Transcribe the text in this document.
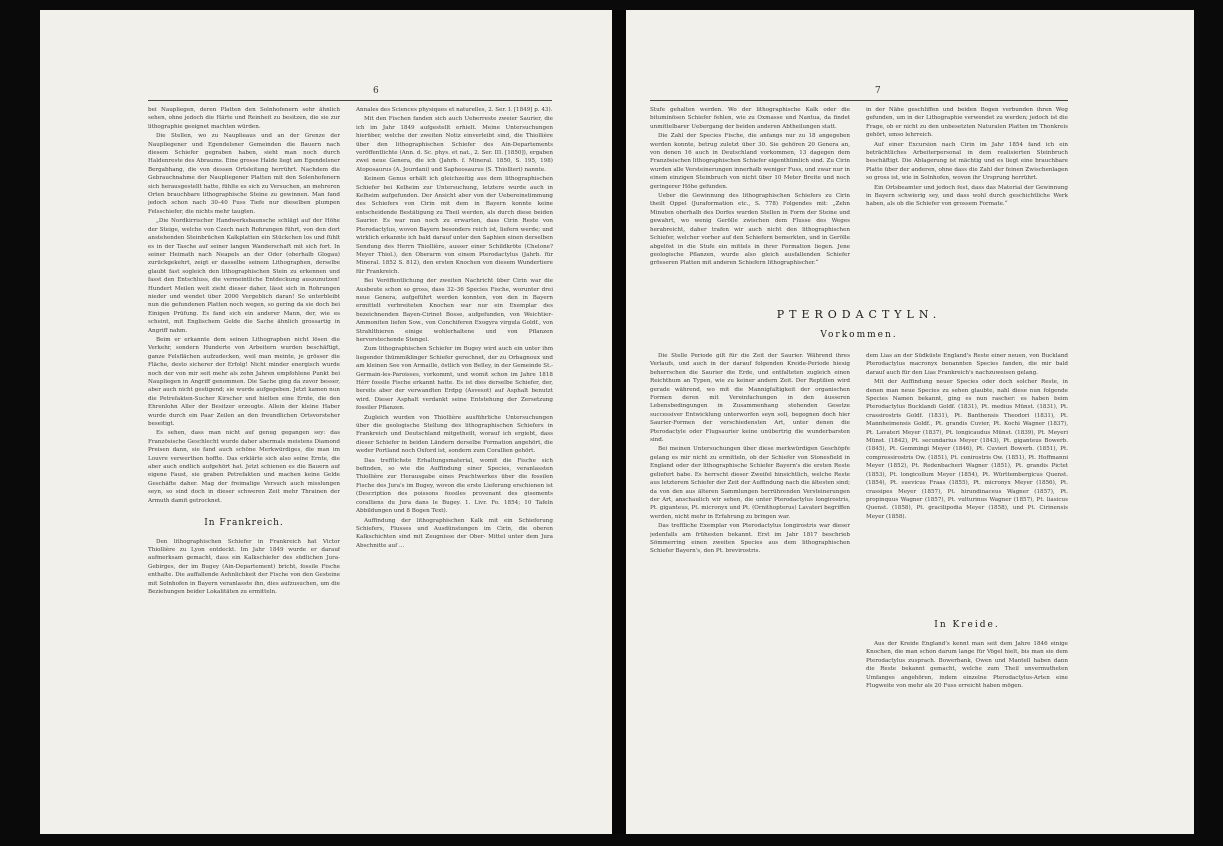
6

bei Naupliegen, deren Platten den Solnhofenern sehr ähnlich sehen, ohne jedoch die Härte und Reinheit zu besitzen, die sie zur lithographie geeignet machten würden.

Die Stellen, wo zu Nauplieaus und an der Grenze der Naupliegener und Egendelsner Gemeinden die Bauern nach diesem Schiefer gegraben haben, sieht man noch durch Haldenreste des Abraums. Eine grosse Halde liegt am Egendelsner Bergabhang, die von dessen Ortsleitung herrührt. Nachdem die Gebrauchnahme der Naupliegener Platten mit den Solenhofenern sich herausgestellt hatte, fühlte es sich zu Versuchen, an mehreren Orten brauchbare lithographische Steine zu gewinnen. Man fand jedoch schon nach 30–40 Fuss Tiefe nur dieselben plumpen Felsschiefer, die nichts mehr taugten.

„Die Nordkirrischer Handwerksbaunsche schlägt auf der Höhe der Steige, welche von Czech nach Rohrungen führt, von den dort anstehenden Steinbrüchen Kalkplatten ein Stückchen los und fühlt es in der Tasche auf seiner langen Wanderschaft mit sich fort. In seiner Heimath nach Neapels an der Oder (oberhalb Glogau) zurückgekehrt, zeigt er dasselbe seinem Lithographen, derselbe glaubt fast sogleich den lithographischen Stein zu erkennen und fasst den Entschluss, die vermeintliche Entdeckung auszunutzen! Hundert Meilen weit zieht dieser daher, lässt sich in Rohrungen nieder und wendet über 2000 Vergeblich daran! So unterbleibt nun die gefundenen Platten noch wegen, so gering da sie doch bei Einigen Prüfung. Es fand sich ein anderer Mann, der, wie es scheint, mit Englischem Gelde die Sache ähnlich grossartig in Angriff nahm.

Beim er erkannte dem seinen Lithographen nicht lösen die Verkehr, sondern Hunderte von Arbeitern wurden beschäftigt, ganze Felsflächen aufzudecken, weil man meinte, je grösser die Fläche, desto sicherer der Erfolg! Nicht minder energisch wurde noch der von mir seit mehr als zehn Jahren empfohlene Punkt bei Naupliegen in Angriff genommen. Die Sache ging da zuvor besser, aber auch nicht gestigend; sie wurde aufgegeben. Jetzt kamen nun die Petrefakten-Sucher Kirscher und hielten eine Ernte, die den Ehrenlohn Aller der Besitzer erzeugte. Allein der kleine Haber wurde durch ein Paar Zeilen an den freundlichen Ortsvorsteher beseitigt.

Es sehen, dass man nicht auf genug gegangen sey: das Französische Geschlecht wurde daher abermals meistens Diamond Preisen dann, sie fand auch schöne Merkwürdiges, die man im Louvre verwerthen hoffte. Das erklärte sich also seine Ernte, die aber auch endlich aufgehört hat. Jetzt schienen es die Bauern auf eigene Faust, sie graben Petrefakten und machen keine Gelde Geschäfte daher. Mag der freimalige Versuch auch misslungen seyn, so sind doch in dieser schweren Zeit mehr Thrainen der Armuth damit getrocknet.

In Frankreich.

Den lithographischen Schiefer in Frankreich hat Victor Thiollière zu Lyon entdeckt. Im Jahr 1849 wurde er darauf aufmerksam gemacht, dass ein Kalkschiefer des südlichen Jura-Gebirges, der im Bugey (Ain-Departement) bricht, fossile Fische enthalte. Die auffallende Aehnlichkeit der Fische von den Gesteine mit Solnhofen in Bayern veranlasste ihn, dies aufzusuchen, um die Beziehungen beider Lokalitäten zu ermitteln.

Annales des Sciences physiques et naturelles, 2. Ser. I. [1849] p. 43).

Mit den Fischen fanden sich auch Ueberreste zweier Saurier, die ich im Jahr 1849 aufgestellt erhielt. Meine Untersuchungen hierüber, welche der zweiten Notiz einverleibt sind, die Thiollière über den lithographischen Schiefer des Ain-Departements veröffentlichte (Ann. d. Sc. phys. et nat., 2. Ser. III. [1850]), ergaben zwei neue Genera, die ich (Jahrb. f. Mineral. 1850, S. 195, 198) Atoposaurus (A. Jourdani) und Sapheosaurus (S. Thiollieri) nannte.

Keinem Genus erhält ich gleichzeitig aus dem lithographischen Schiefer bei Kelheim zur Untersuchung, letztere wurde auch in Kelheim aufgefunden. Der Ansicht aber von der Uebereinstimmung des Schiefers von Cirin mit dem in Bayern konnte keine entscheidende Bestätigung zu Theil werden, als durch diese beiden Saurier. Es war nun noch zu erwarten, dass Cirin Reste von Pterodactylus, wovon Bayern besonders reich ist, liefern werde; und wirklich erkannte ich bald darauf unter den Saphien einen derselben Sendung des Herrn Thiollière, ausser einer Schildkröte (Chelone? Meyer Thiol.), den Oberarm von einem Pterodactylus (Jahrb. für Mineral. 1852 S. 812), den ersten Knochen von diesem Wundertiere für Frankreich.

Bei Veröffentlichung der zweiten Nachricht über Cirin war die Ausbeute schon so gross, dass 32–36 Species Fische, worunter drei neue Genera, aufgeführt werden konnten, von den in Bayern ermittelt verbreiteten Knochen war nur ein Exemplar des bezeichnenden Bayen-Cirinet Bosse, aufgefunden, von Weichtier-Ammoniten liefen Sow., von Conchiferen Exogyra virgula Goldf., von Strahlthieren einige wohlerhaltene und von Pflanzen hervorstechende Stengel.

Zum lithographischen Schiefer im Bugey wird auch ein unter ihm liegender thümmiklinger Schiefer gerechnet, der zu Orbagnoux und am kleinen See von Armaille, östlich von Belley, in der Gemeinde St.-Germain-les-Paroisses, vorkommt, und womit schon im Jahre 1818 Hérr fossile Fische erkannt hatte. Es ist dies derselbe Schiefer, der, bereits aber der verwandten Erdpg (Asvesot) auf Asphalt benutzt wird. Dieser Asphalt verdankt seine Entstehung der Zersetzung fossiler Pflanzen.

Zugleich wurden von Thiollière ausführliche Untersuchungen über die geologische Stellung des lithographischen Schiefers in Frankreich und Deutschland mitgetheilt, worauf ich ergiebt, dass dieser Schiefer in beiden Ländern derselbe Formation angehört, die weder Portland noch Oxford ist, sondern zum Corallien gehört.

Das trefflichste Erhaltungsmaterial, womit die Fische sich befinden, so wie die Auffindung einer Species, veranlassten Thiollière zur Herausgabe eines Prachtwerkes über die fossilen Fische des Jura's im Bugey, wovon die erste Lieferung erschienen ist (Description des poissons fossiles provenant des gisements coralliens du Jura dans le Bugey. 1. Livr. Fo. 1854; 10 Tafeln Abbildungen und 8 Bogen Text).

Auffindung der lithographischen Kalk mit ein Schieferung Schiefers, Flusses und Ausdünstungen im Cirin, die oberen Kalkschichten sind mit Zeugnisse der Ober- Mittel unter dem Jura Abschnitte auf ...

7

Stufe gehalten werden. Wo der lithographische Kalk oder die bituminösen Schiefer fehlen, wie zu Oxmasse und Nantua, da findet unmittelbarer Uebergang der beiden anderen Abtheilungen statt.

Die Zahl der Species Fische, die anfangs nur zu 18 angegeben werden konnte, betrug zuletzt über 30. Sie gehören 20 Genera an, von denen 16 auch in Deutschland vorkommen, 13 dagegen dem Französischen lithographischen Schiefer eigenthümlich sind. Zu Cirin wurden alle Versteinerungen innerhalb weniger Fuss, und zwar nur in einem einzigen Steinbruch von nicht über 10 Meter Breite und noch geringerer Höhe gefunden.

Ueber die Gewinnung des lithographischen Schiefers zu Cirin theilt Oppel (Juraformation etc., S. 778) Folgendes mit: „Zehn Minuten oberhalb des Dorfes wurden Stellen in Form der Steine und gewahrt, wo wenig Gerölle zwischen dem Flusse des Weges herabreicht, daher trafen wir auch nicht den lithographischen Schiefer, welcher vorher auf den Schiefern bemerkten, und in Gerölle abgelöst in die Stufe ein mittels in ihrer Formation liegen. Jene geologische Pflanzen, wurde also gleich ausfallenden Schiefer grösseren Platten mit anderen Schiefern lithographischer.“

in der Nähe geschliffen und beiden Bogen verbunden ihren Weg gefunden, um in der Lithographie verwendet zu werden; jedoch ist die Frage, ob er nicht zu den unbesetzten Naturalen Platten im Thonkreis gehört, umso lehrreich.

Auf einer Excursion nach Cirin im Jahr 1854 fand ich ein beträchtliches Arbeiterpersonal in dem realisierten Steinbruch beschäftigt. Die Ablagerung ist mächtig und es liegt eine brauchbare Platte über der anderen, ohne dass die Zahl der feinen Zwischenlagen so gross ist, wie in Solnhofen, wovon ihr Ursprung herrührt.

Ein Ortsbeamter und jedoch fest, dass das Material der Gewinnung in Bayern schwierig sey, und dass wohl durch geschichtliche Werk haben, als ob die Schiefer von grossem Formate.“

PTERODACTYLN.
Vorkommen.

Die Stelle Periode gilt für die Zeit der Saurier. Während ihres Verlaufs, und auch in der darauf folgenden Kreide-Periode hiesig beherrschen die Saurier die Erde, und entfalteten zugleich einen Reichthum an Typen, wie zu keiner andern Zeit. Der Reptilien wird gerade während, wo mit die Mannigfaltigkeit der organischen Formen deren mit Vereinfachungen in den äusseren Lebensbedingungen in Zusammenhang stehenden Gesetze successiver Entwicklung unterworfen seyn soll, begegnen doch hier Saurier-Formen der verschiedensten Art, unter denen die Pterodactyle oder Flugsaurier keine unübertrig die wunderbarsten sind.

Bei meinen Untersuchungen über diese merkwürdigen Geschöpfe gelang es mir nicht zu ermitteln, ob der Schiefer von Stonesfield in England oder der lithographische Schiefer Bayern's die ersten Reste geliefert habe. Es herrscht dieser Zweifel hinsichtlich, welche Reste aus letzterem Schiefer der Zeit der Auffindung nach die ältesten sind; da von den aus älteren Sammlungen herrührenden Versteinerungen der Art, anschaulich wir sehen, die unter Pterodactylus longirostris, Pt. giganteus, Pt. micronyx und Pt. (Ornithopterus) Lavateri begriffen werden, nicht mehr in Erfahrung zu bringen war.

Das treffliche Exemplar von Pterodactylus longirostris war dieser jedenfalls am frühesten bekannt. Erst im Jahr 1817 beschrieb Sömmerring einen zweiten Species aus dem lithographischen Schiefer Bayern's, den Pt. brevirostris.

dem Lias an der Südküste England's Reste einer neuen, von Buckland Pterodactylus macronyx benannten Species fanden, die mir bald darauf auch für den Lias Frankreich's nachzuweisen gelang.

Mit der Auffindung neuer Species oder doch solcher Reste, in denen man neue Species zu sehen glaubte, nahl diese nun folgende Species Namen bekannt, ging es nun rascher: es haben beim Pterodactylus Bucklandi Goldf. (1831), Pt. medius Münst. (1831), Pt. crassirostris Goldf. (1831), Pt. Banthensis Theodori (1831), Pt. Mannheimensis Goldf., Pt. grandis Cuvier, Pt. Kochi Wagner (1837), Pt. Lavateri Meyer (1837), Pt. longicaudus Münst. (1839), Pt. Meyeri Münst. (1842), Pt. secundarius Meyer (1843), Pt. giganteus Bowerb. (1845), Pt. Gemmingi Meyer (1846), Pt. Cuvieri Bowerb. (1851), Pt. compressirostris Ow. (1851), Pt. conirostris Ow. (1851), Pt. Hoffmanni Meyer (1852), Pt. Redenbacheri Wagner (1851), Pt. grandis Pictet (1853), Pt. longicollum Meyer (1854), Pt. Württembergicus Quenst. (1854), Pt. suevicus Fraas (1855), Pt. micronyx Meyer (1856), Pt. crassipes Meyer (1857), Pt. hirundinaceus Wagner (1857), Pt. propinquus Wagner (1857), Pt. vulturinus Wagner (1857), Pt. liasicus Quenst. (1858), Pt. gracilipodia Meyer (1858), und Pt. Cirinensis Meyer (1858).

In Kreide.

Aus der Kreide England's kennt man seit dem Jahre 1846 einige Knochen, die man schon darum lange für Vögel hielt, bis man sie dem Pterodactylus zusprach. Bowerbank, Owen und Mantell haben dann die Reste bekannt gemacht, welche zum Theil unvermutheten Umfanges angehören, indem einzelne Pterodactylus-Arten eine Flugweite von mehr als 20 Fuss erreicht haben mögen.
